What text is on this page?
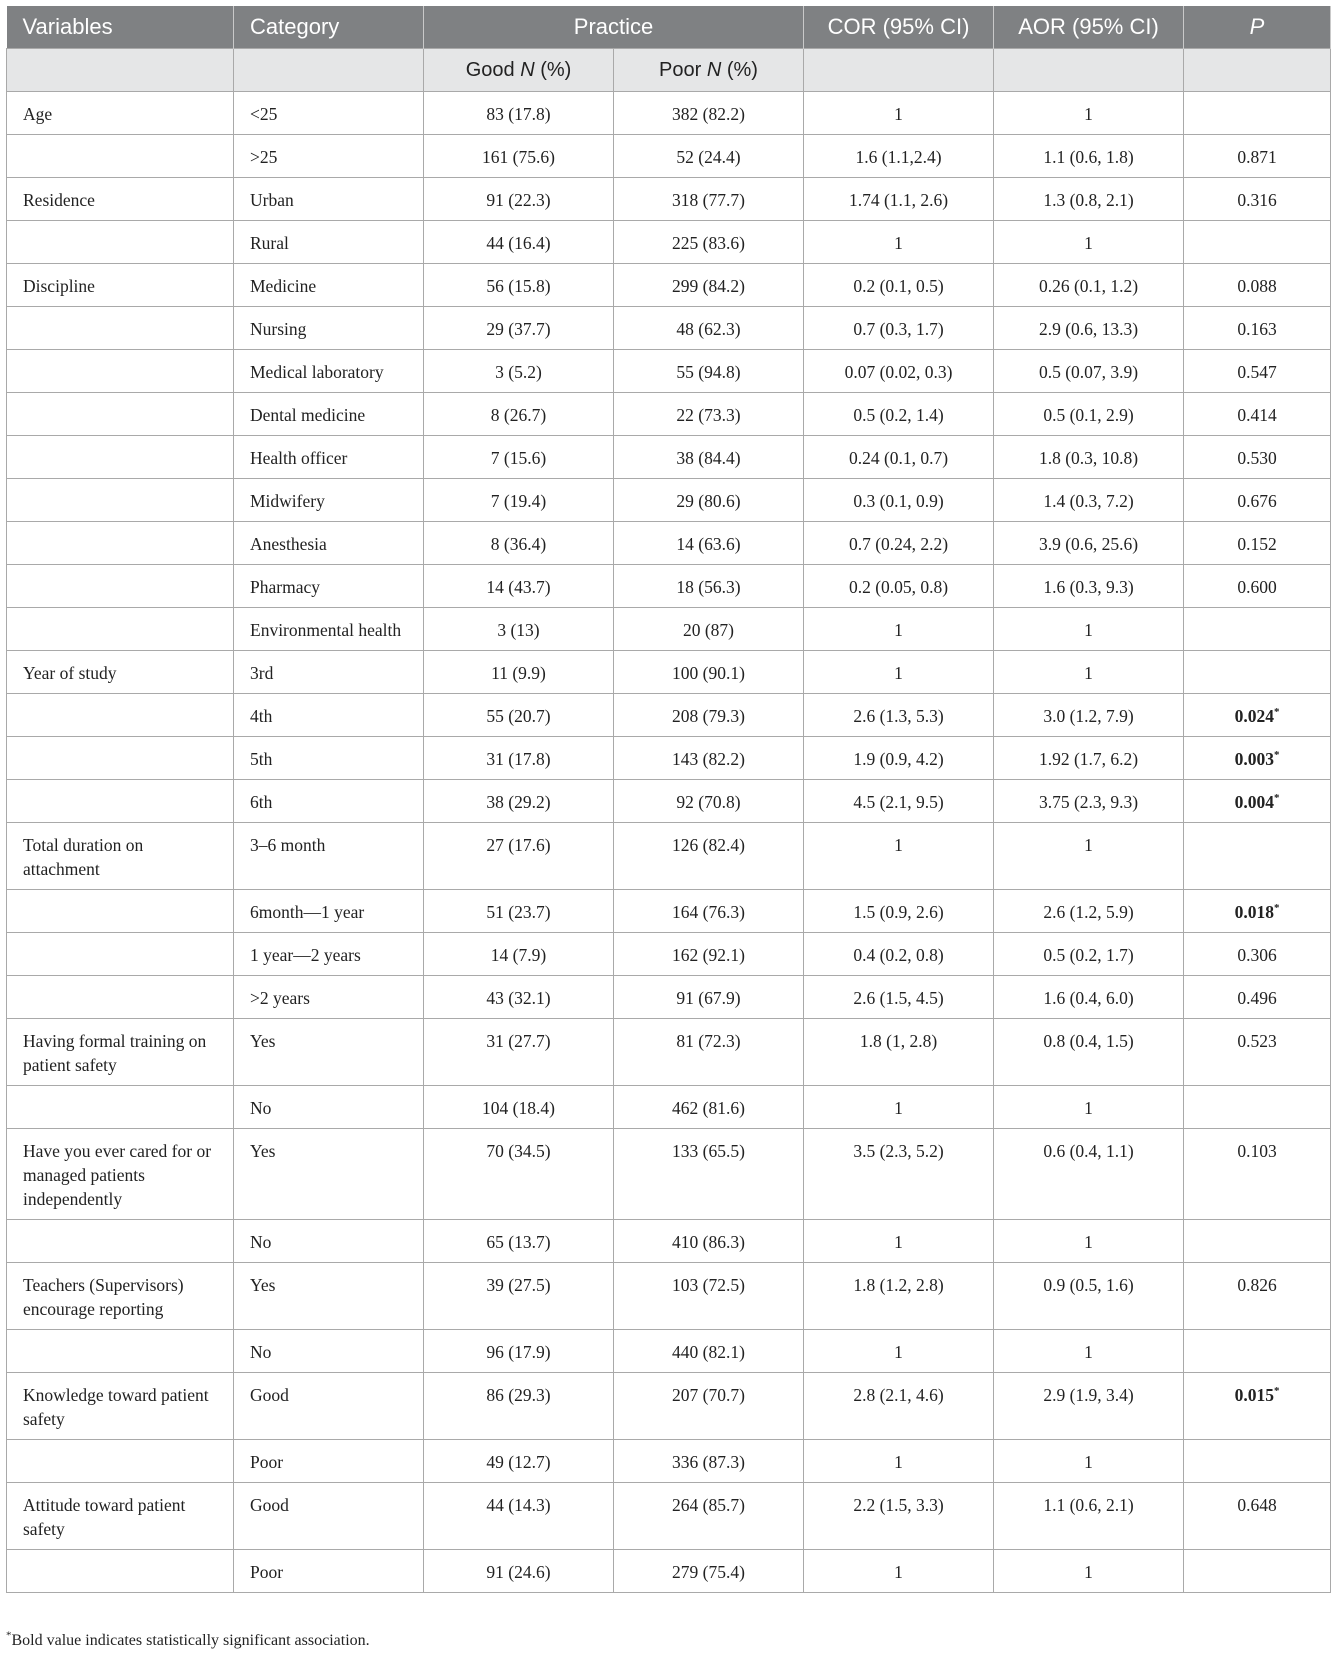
Variables	Category	Practice		COR (95% CI)	AOR (95% CI)	P
		Good N (%)	Poor N (%)			
Age	<25	83 (17.8)	382 (82.2)	1	1	
	>25	161 (75.6)	52 (24.4)	1.6 (1.1,2.4)	1.1 (0.6, 1.8)	0.871
Residence	Urban	91 (22.3)	318 (77.7)	1.74 (1.1, 2.6)	1.3 (0.8, 2.1)	0.316
	Rural	44 (16.4)	225 (83.6)	1	1	
Discipline	Medicine	56 (15.8)	299 (84.2)	0.2 (0.1, 0.5)	0.26 (0.1, 1.2)	0.088
	Nursing	29 (37.7)	48 (62.3)	0.7 (0.3, 1.7)	2.9 (0.6, 13.3)	0.163
	Medical laboratory	3 (5.2)	55 (94.8)	0.07 (0.02, 0.3)	0.5 (0.07, 3.9)	0.547
	Dental medicine	8 (26.7)	22 (73.3)	0.5 (0.2, 1.4)	0.5 (0.1, 2.9)	0.414
	Health officer	7 (15.6)	38 (84.4)	0.24 (0.1, 0.7)	1.8 (0.3, 10.8)	0.530
	Midwifery	7 (19.4)	29 (80.6)	0.3 (0.1, 0.9)	1.4 (0.3, 7.2)	0.676
	Anesthesia	8 (36.4)	14 (63.6)	0.7 (0.24, 2.2)	3.9 (0.6, 25.6)	0.152
	Pharmacy	14 (43.7)	18 (56.3)	0.2 (0.05, 0.8)	1.6 (0.3, 9.3)	0.600
	Environmental health	3 (13)	20 (87)	1	1	
Year of study	3rd	11 (9.9)	100 (90.1)	1	1	
	4th	55 (20.7)	208 (79.3)	2.6 (1.3, 5.3)	3.0 (1.2, 7.9)	0.024*
	5th	31 (17.8)	143 (82.2)	1.9 (0.9, 4.2)	1.92 (1.7, 6.2)	0.003*
	6th	38 (29.2)	92 (70.8)	4.5 (2.1, 9.5)	3.75 (2.3, 9.3)	0.004*
Total duration on attachment	3–6 month	27 (17.6)	126 (82.4)	1	1	
	6month—1 year	51 (23.7)	164 (76.3)	1.5 (0.9, 2.6)	2.6 (1.2, 5.9)	0.018*
	1 year—2 years	14 (7.9)	162 (92.1)	0.4 (0.2, 0.8)	0.5 (0.2, 1.7)	0.306
	>2 years	43 (32.1)	91 (67.9)	2.6 (1.5, 4.5)	1.6 (0.4, 6.0)	0.496
Having formal training on patient safety	Yes	31 (27.7)	81 (72.3)	1.8 (1, 2.8)	0.8 (0.4, 1.5)	0.523
	No	104 (18.4)	462 (81.6)	1	1	
Have you ever cared for or managed patients independently	Yes	70 (34.5)	133 (65.5)	3.5 (2.3, 5.2)	0.6 (0.4, 1.1)	0.103
	No	65 (13.7)	410 (86.3)	1	1	
Teachers (Supervisors) encourage reporting	Yes	39 (27.5)	103 (72.5)	1.8 (1.2, 2.8)	0.9 (0.5, 1.6)	0.826
	No	96 (17.9)	440 (82.1)	1	1	
Knowledge toward patient safety	Good	86 (29.3)	207 (70.7)	2.8 (2.1, 4.6)	2.9 (1.9, 3.4)	0.015*
	Poor	49 (12.7)	336 (87.3)	1	1	
Attitude toward patient safety	Good	44 (14.3)	264 (85.7)	2.2 (1.5, 3.3)	1.1 (0.6, 2.1)	0.648
	Poor	91 (24.6)	279 (75.4)	1	1	
*Bold value indicates statistically significant association.
